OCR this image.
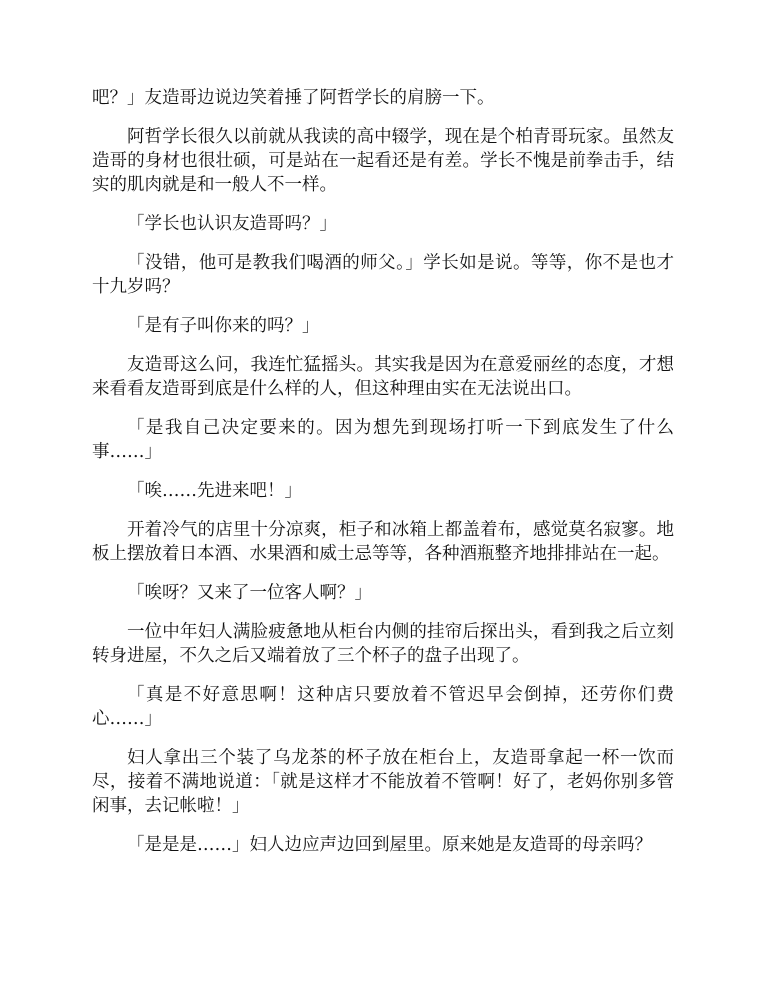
吧？」友造哥边说边笑着捶了阿哲学长的肩膀一下。

阿哲学长很久以前就从我读的高中辍学，现在是个柏青哥玩家。虽然友造哥的身材也很壮硕，可是站在一起看还是有差。学长不愧是前拳击手，结实的肌肉就是和一般人不一样。

「学长也认识友造哥吗？」

「没错，他可是教我们喝酒的师父。」学长如是说。等等，你不是也才十九岁吗？

「是有子叫你来的吗？」

友造哥这么问，我连忙猛摇头。其实我是因为在意爱丽丝的态度，才想来看看友造哥到底是什么样的人，但这种理由实在无法说出口。

「是我自己决定要来的。因为想先到现场打听一下到底发生了什么事……」

「唉……先进来吧！」

开着冷气的店里十分凉爽，柜子和冰箱上都盖着布，感觉莫名寂寥。地板上摆放着日本酒、水果酒和威士忌等等，各种酒瓶整齐地排排站在一起。

「唉呀？又来了一位客人啊？」

一位中年妇人满脸疲惫地从柜台内侧的挂帘后探出头，看到我之后立刻转身进屋，不久之后又端着放了三个杯子的盘子出现了。

「真是不好意思啊！这种店只要放着不管迟早会倒掉，还劳你们费心……」

妇人拿出三个装了乌龙茶的杯子放在柜台上，友造哥拿起一杯一饮而尽，接着不满地说道：「就是这样才不能放着不管啊！好了，老妈你别多管闲事，去记帐啦！」

「是是是……」妇人边应声边回到屋里。原来她是友造哥的母亲吗？
